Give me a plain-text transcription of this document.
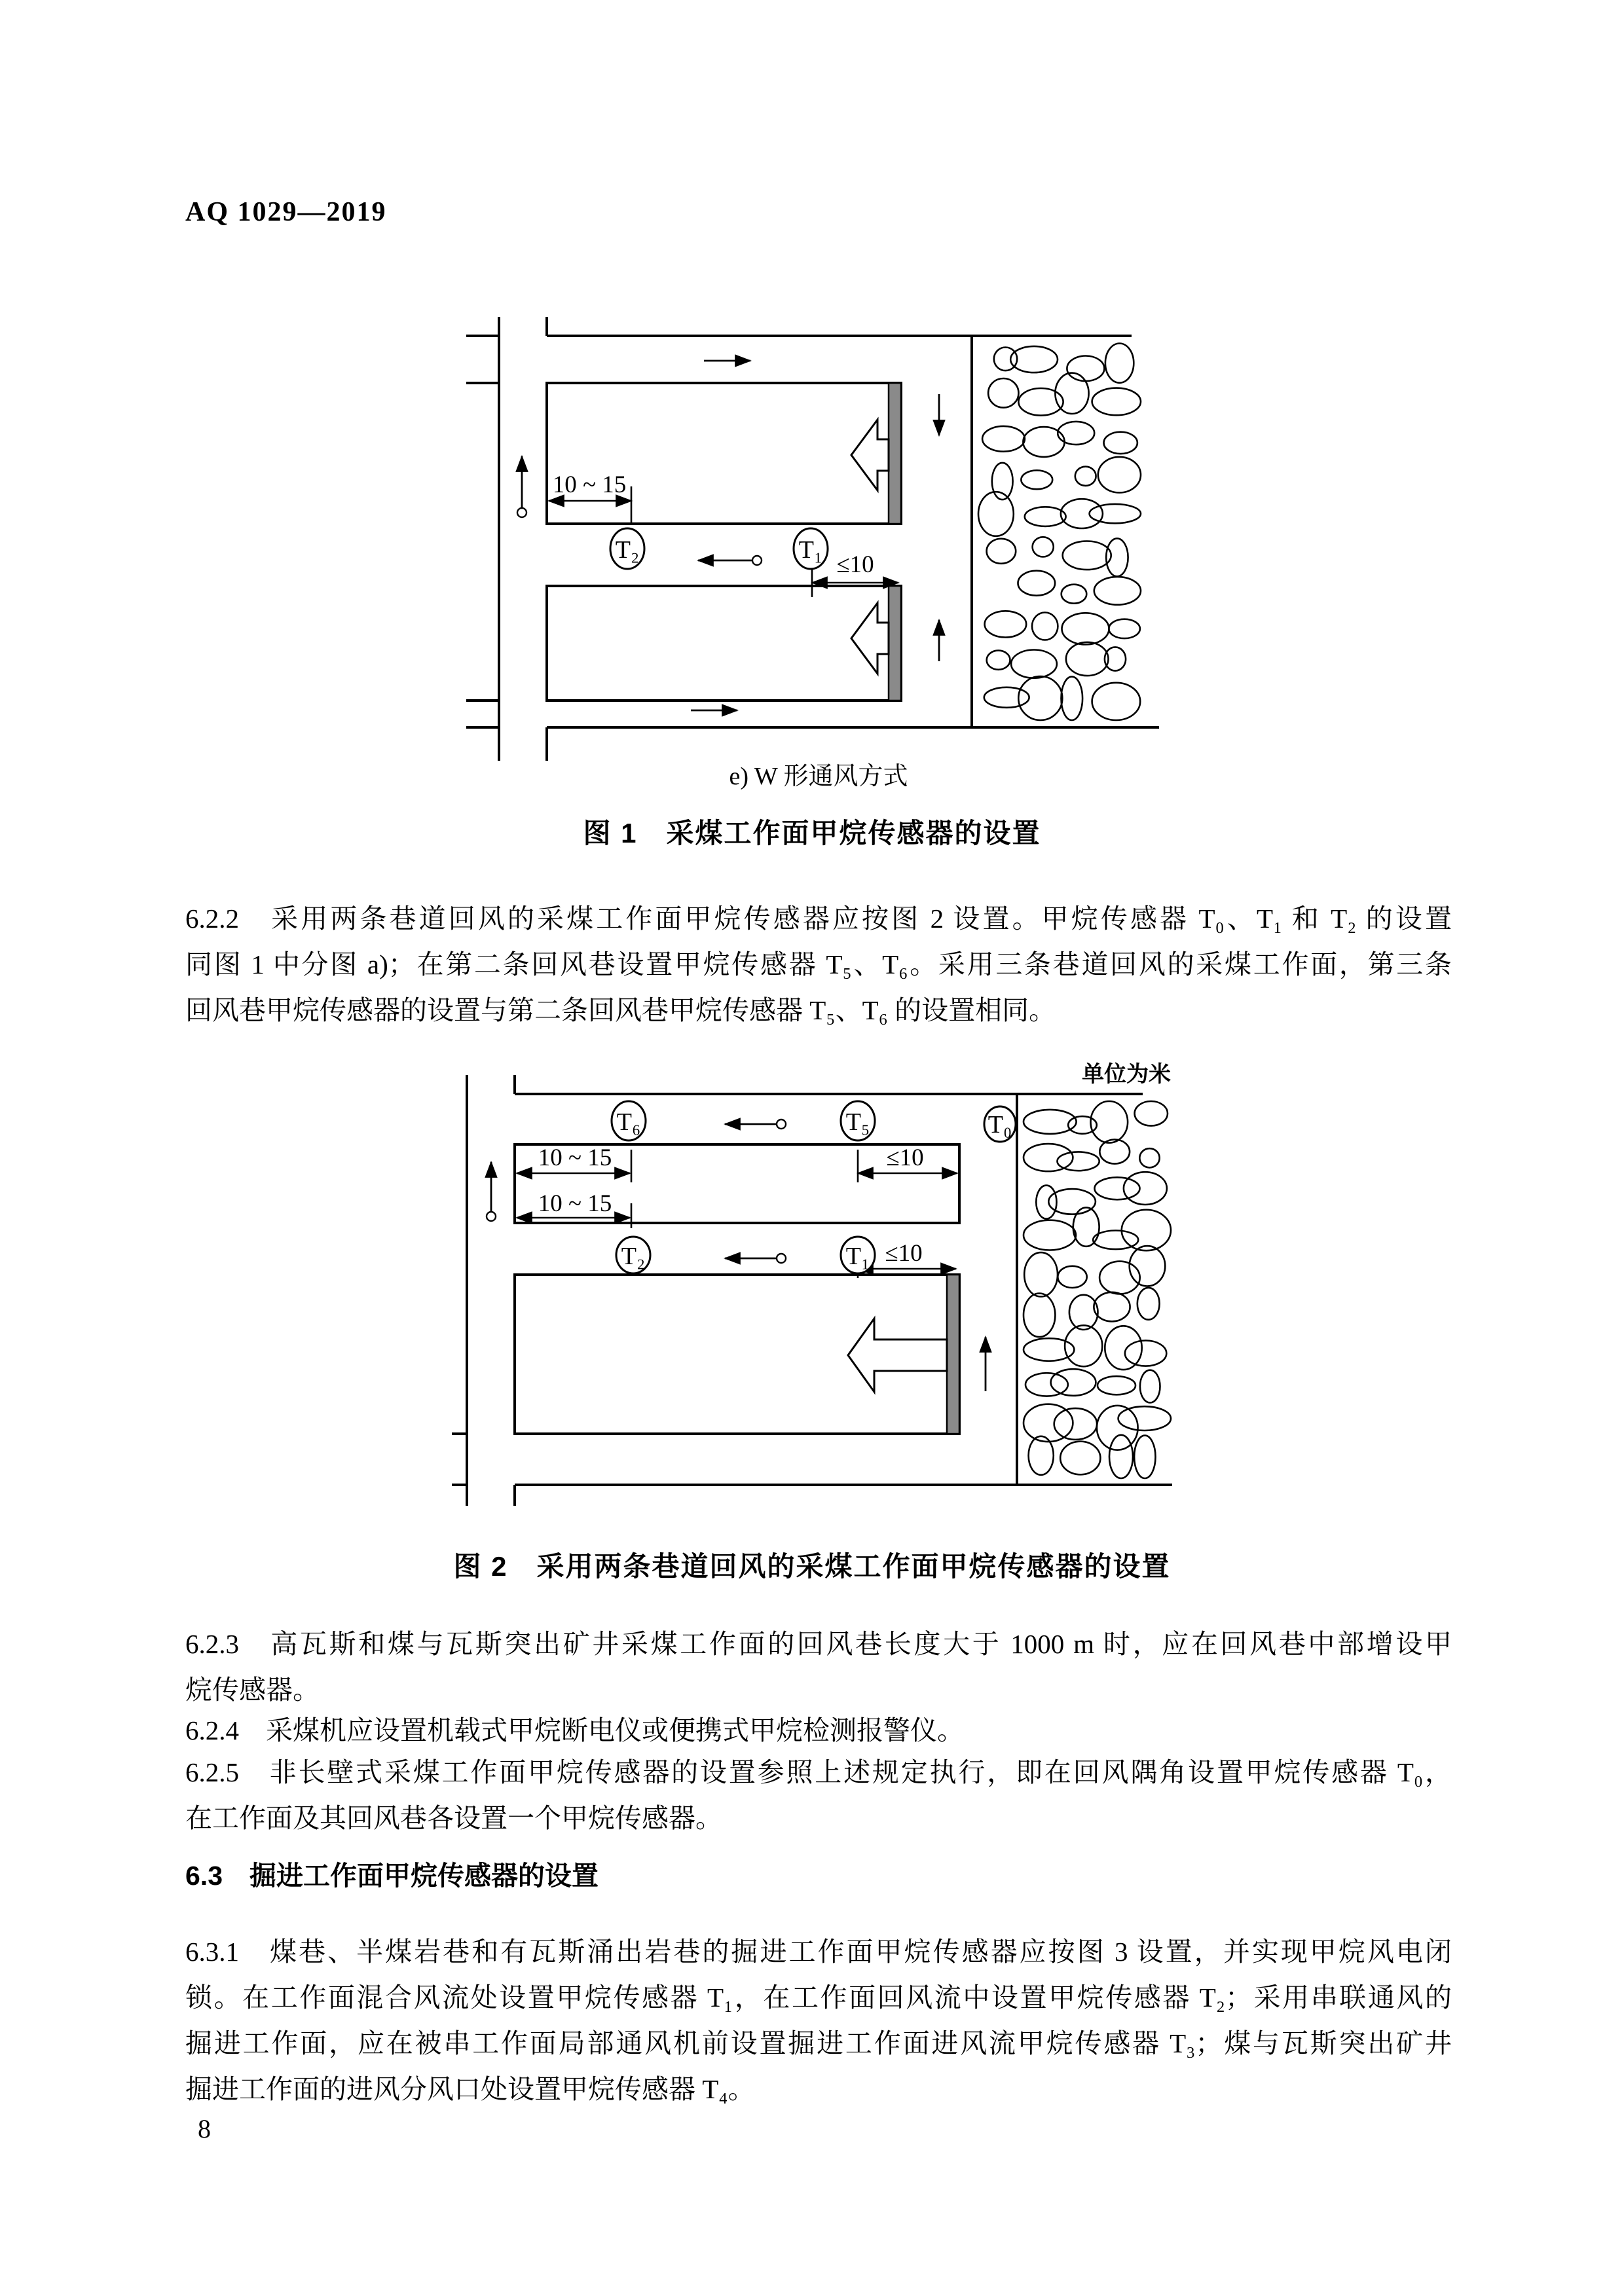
AQ 1029—2019
10 ~ 15
≤10
T₂	T₁
e) W 形通风方式
图 1　采煤工作面甲烷传感器的设置
6.2.2　采用两条巷道回风的采煤工作面甲烷传感器应按图 2 设置。甲烷传感器 T₀、T₁ 和 T₂ 的设置
同图 1 中分图 a)；在第二条回风巷设置甲烷传感器 T₅、T₆。采用三条巷道回风的采煤工作面，第三条
回风巷甲烷传感器的设置与第二条回风巷甲烷传感器 T₅、T₆ 的设置相同。
单位为米
10 ~ 15	≤10
10 ~ 15
≤10
T₆	T₅	T₀
T₂	T₁
图 2　采用两条巷道回风的采煤工作面甲烷传感器的设置
6.2.3　高瓦斯和煤与瓦斯突出矿井采煤工作面的回风巷长度大于 1000 m 时，应在回风巷中部增设甲
烷传感器。
6.2.4　采煤机应设置机载式甲烷断电仪或便携式甲烷检测报警仪。
6.2.5　非长壁式采煤工作面甲烷传感器的设置参照上述规定执行，即在回风隅角设置甲烷传感器 T₀，
在工作面及其回风巷各设置一个甲烷传感器。
6.3　掘进工作面甲烷传感器的设置
6.3.1　煤巷、半煤岩巷和有瓦斯涌出岩巷的掘进工作面甲烷传感器应按图 3 设置，并实现甲烷风电闭
锁。在工作面混合风流处设置甲烷传感器 T₁，在工作面回风流中设置甲烷传感器 T₂；采用串联通风的
掘进工作面，应在被串工作面局部通风机前设置掘进工作面进风流甲烷传感器 T₃；煤与瓦斯突出矿井
掘进工作面的进风分风口处设置甲烷传感器 T₄。
8
